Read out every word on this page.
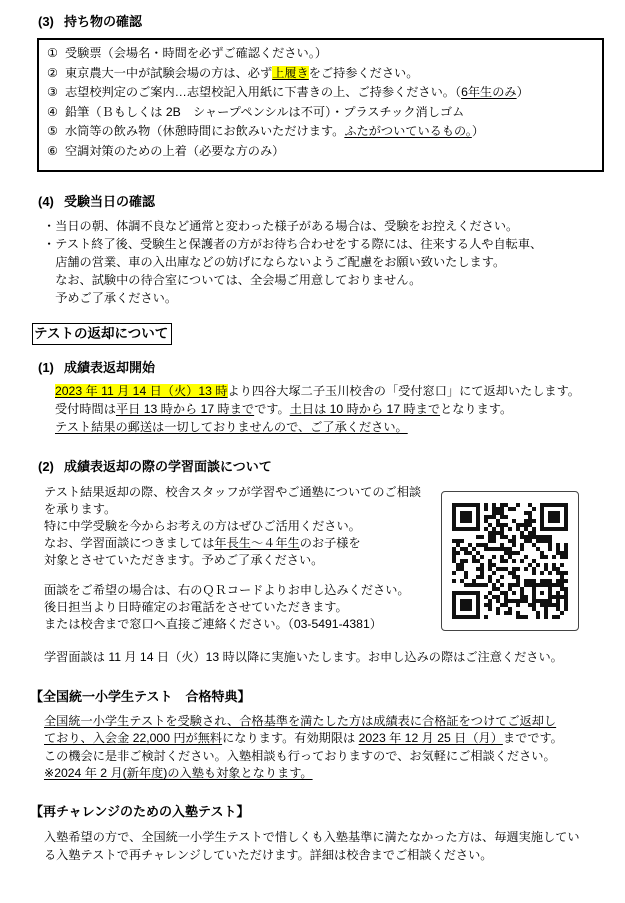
(3) 持ち物の確認
① 受験票（会場名・時間を必ずご確認ください。）
② 東京農大一中が試験会場の方は、必ず上履きをご持参ください。
③ 志望校判定のご案内…志望校記入用紙に下書きの上、ご持参ください。（6年生のみ）
④ 鉛筆（Ｂもしくは 2B　シャープペンシルは不可）・プラスチック消しゴム
⑤ 水筒等の飲み物（休憩時間にお飲みいただけます。ふたがついているもの。）
⑥ 空調対策のための上着（必要な方のみ）
(4) 受験当日の確認
・当日の朝、体調不良など通常と変わった様子がある場合は、受験をお控えください。
・テスト終了後、受験生と保護者の方がお待ち合わせをする際には、往来する人や自転車、
店舗の営業、車の入出庫などの妨げにならないようご配慮をお願い致いたします。
なお、試験中の待合室については、全会場ご用意しておりません。
予めご了承ください。
テストの返却について
(1) 成績表返却開始
2023 年 11 月 14 日（火）13 時より四谷大塚二子玉川校舎の「受付窓口」にて返却いたします。
受付時間は平日 13 時から 17 時までです。土日は 10 時から 17 時までとなります。
テスト結果の郵送は一切しておりませんので、ご了承ください。
(2) 成績表返却の際の学習面談について
テスト結果返却の際、校舎スタッフが学習やご通塾についてのご相談
を承ります。
特に中学受験を今からお考えの方はぜひご活用ください。
なお、学習面談につきましては年長生～４年生のお子様を
対象とさせていただきます。予めご了承ください。
面談をご希望の場合は、右のＱＲコードよりお申し込みください。
後日担当より日時確定のお電話をさせていただきます。
または校舎まで窓口へ直接ご連絡ください。（03-5491-4381）
学習面談は 11 月 14 日（火）13 時以降に実施いたします。お申し込みの際はご注意ください。
【全国統一小学生テスト　合格特典】
全国統一小学生テストを受験され、合格基準を満たした方は成績表に合格証をつけてご返却し
ており、入会金 22,000 円が無料になります。有効期限は 2023 年 12 月 25 日（月）までです。
この機会に是非ご検討ください。入塾相談も行っておりますので、お気軽にご相談ください。
※2024 年 2 月(新年度)の入塾も対象となります。
【再チャレンジのための入塾テスト】
入塾希望の方で、全国統一小学生テストで惜しくも入塾基準に満たなかった方は、毎週実施してい
る入塾テストで再チャレンジしていただけます。詳細は校舎までご相談ください。
